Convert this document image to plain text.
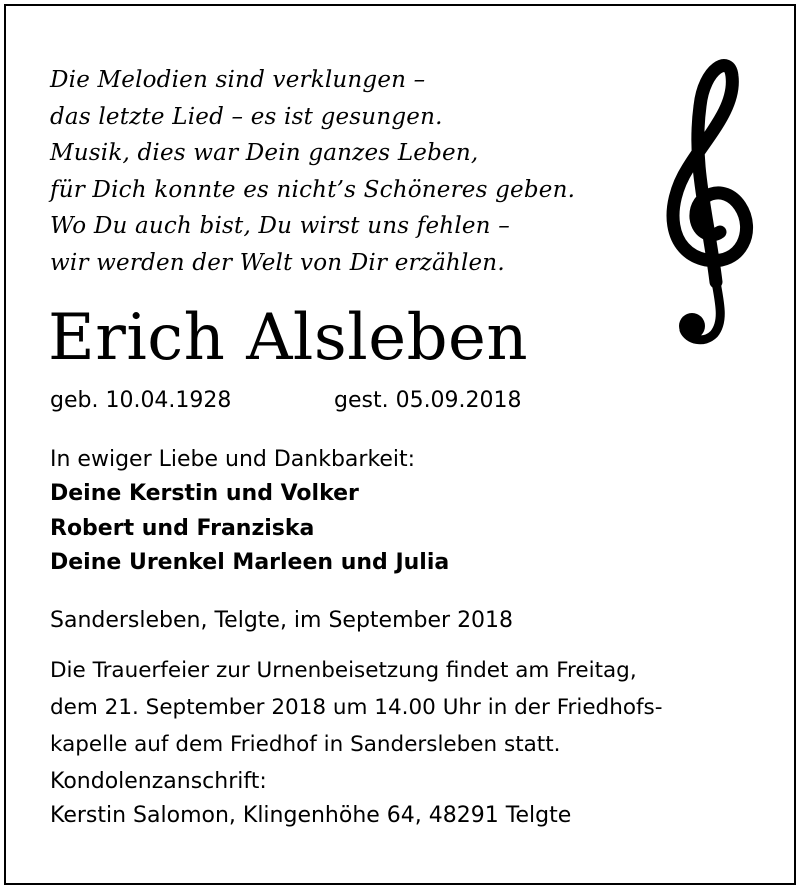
Die Melodien sind verklungen –
das letzte Lied – es ist gesungen.
Musik, dies war Dein ganzes Leben,
für Dich konnte es nicht’s Schöneres geben.
Wo Du auch bist, Du wirst uns fehlen –
wir werden der Welt von Dir erzählen.
Erich Alsleben
geb. 10.04.1928	gest. 05.09.2018
In ewiger Liebe und Dankbarkeit:
Deine Kerstin und Volker
Robert und Franziska
Deine Urenkel Marleen und Julia
Sandersleben, Telgte, im September 2018
Die Trauerfeier zur Urnenbeisetzung findet am Freitag,
dem 21. September 2018 um 14.00 Uhr in der Friedhofs-
kapelle auf dem Friedhof in Sandersleben statt.
Kondolenzanschrift:
Kerstin Salomon, Klingenhöhe 64, 48291 Telgte
